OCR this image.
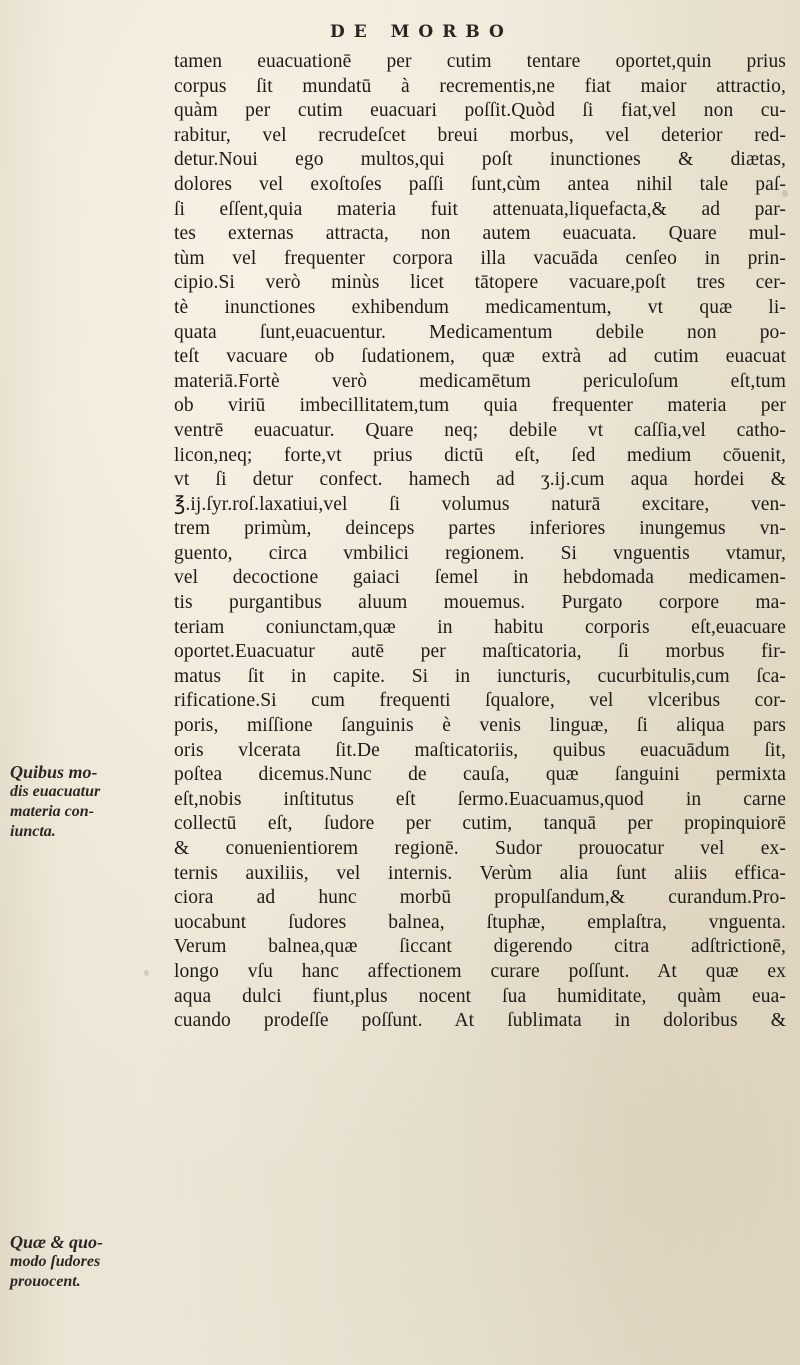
DE MORBO
Quibus mo-
dis euacuatur
materia con-
iuncta.
Quæ & quo-
modo ſudores
prouocent.
tamen euacuationē per cutim tentare oportet,quin prius
corpus ſit mundatū à recrementis,ne fiat maior attractio,
quàm per cutim euacuari poſſit.Quòd ſi fiat,vel non cu-
rabitur, vel recrudeſcet breui morbus, vel deterior red-
detur.Noui ego multos,qui poſt inunctiones & diætas,
dolores vel exoſtoſes paſſi ſunt,cùm antea nihil tale paſ-
ſi eſſent,quia materia fuit attenuata,liquefacta,& ad par-
tes externas attracta, non autem euacuata. Quare mul-
tùm vel frequenter corpora illa vacuāda cenſeo in prin-
cipio.Si verò minùs licet tātopere vacuare,poſt tres cer-
tè inunctiones exhibendum medicamentum, vt quæ li-
quata ſunt,euacuentur. Medicamentum debile non po-
teſt vacuare ob ſudationem, quæ extrà ad cutim euacuat
materiā.Fortè verò medicamētum periculoſum eſt,tum
ob viriū imbecillitatem,tum quia frequenter materia per
ventrē euacuatur. Quare neq; debile vt caſſia,vel catho-
licon,neq; forte,vt prius dictū eſt, ſed medium cōuenit,
vt ſi detur confect. hamech ad ʒ.ij.cum aqua hordei &
℥.ij.ſyr.roſ.laxatiui,vel ſi volumus naturā excitare, ven-
trem primùm, deinceps partes inferiores inungemus vn-
guento, circa vmbilici regionem. Si vnguentis vtamur,
vel decoctione gaiaci ſemel in hebdomada medicamen-
tis purgantibus aluum mouemus. Purgato corpore ma-
teriam coniunctam,quæ in habitu corporis eſt,euacuare
oportet.Euacuatur autē per maſticatoria, ſi morbus fir-
matus ſit in capite. Si in iuncturis, cucurbitulis,cum ſca-
rificatione.Si cum frequenti ſqualore, vel vlceribus cor-
poris, miſſione ſanguinis è venis linguæ, ſi aliqua pars
oris vlcerata ſit.De maſticatoriis, quibus euacuādum ſit,
poſtea dicemus.Nunc de cauſa, quæ ſanguini permixta
eſt,nobis inſtitutus eſt ſermo.Euacuamus,quod in carne
collectū eſt, ſudore per cutim, tanquā per propinquiorē
& conuenientiorem regionē. Sudor prouocatur vel ex-
ternis auxiliis, vel internis. Verùm alia ſunt aliis effica-
ciora ad hunc morbū propulſandum,& curandum.Pro-
uocabunt ſudores balnea, ſtuphæ, emplaſtra, vnguenta.
Verum balnea,quæ ſiccant digerendo citra adſtrictionē,
longo vſu hanc affectionem curare poſſunt. At quæ ex
aqua dulci fiunt,plus nocent ſua humiditate, quàm eua-
cuando prodeſſe poſſunt. At ſublimata in doloribus &
